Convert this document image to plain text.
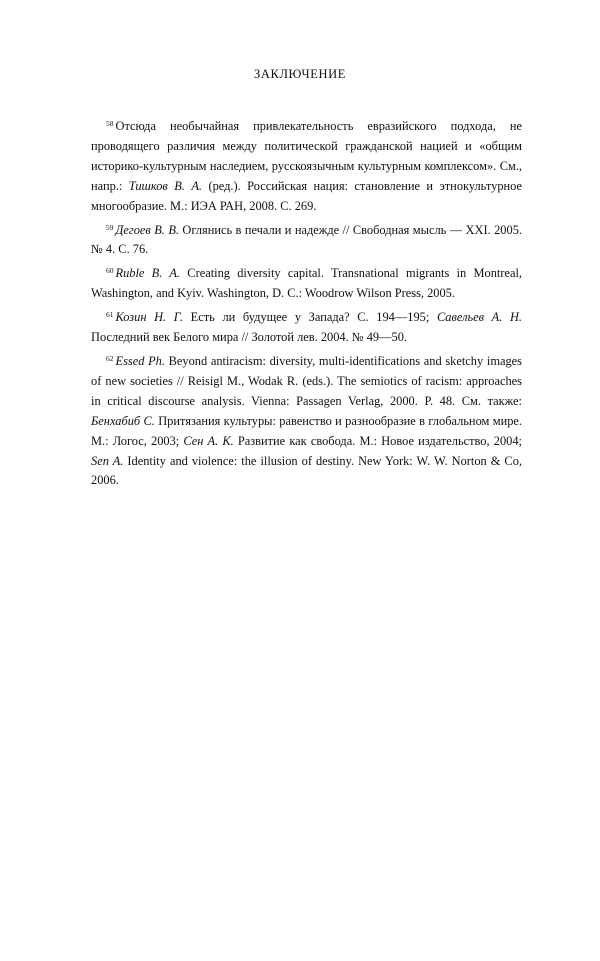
ЗАКЛЮЧЕНИЕ

$^{58}$ Отсюда необычайная привлекательность евразийского подхода, не проводящего различия между политической гражданской нацией и «общим историко-культурным наследием, русскоязычным культурным комплексом». См., напр.: Тишков В. А. (ред.). Российская нация: становление и этнокультурное многообразие. М.: ИЭА РАН, 2008. С. 269.

$^{59}$ Дегоев В. В. Оглянись в печали и надежде // Свободная мысль — XXI. 2005. № 4. С. 76.

$^{60}$ Ruble B. A. Creating diversity capital. Transnational migrants in Montreal, Washington, and Kyiv. Washington, D. C.: Woodrow Wilson Press, 2005.

$^{61}$ Козин Н. Г. Есть ли будущее у Запада? С. 194—195; Савельев А. Н. Последний век Белого мира // Золотой лев. 2004. № 49—50.

$^{62}$ Essed Ph. Beyond antiracism: diversity, multi-identifications and sketchy images of new societies // Reisigl M., Wodak R. (eds.). The semiotics of racism: approaches in critical discourse analysis. Vienna: Passagen Verlag, 2000. P. 48. См. также: Бенхабиб С. Притязания культуры: равенство и разнообразие в глобальном мире. М.: Логос, 2003; Сен А. К. Развитие как свобода. М.: Новое издательство, 2004; Sen A. Identity and violence: the illusion of destiny. New York: W. W. Norton & Co, 2006.
